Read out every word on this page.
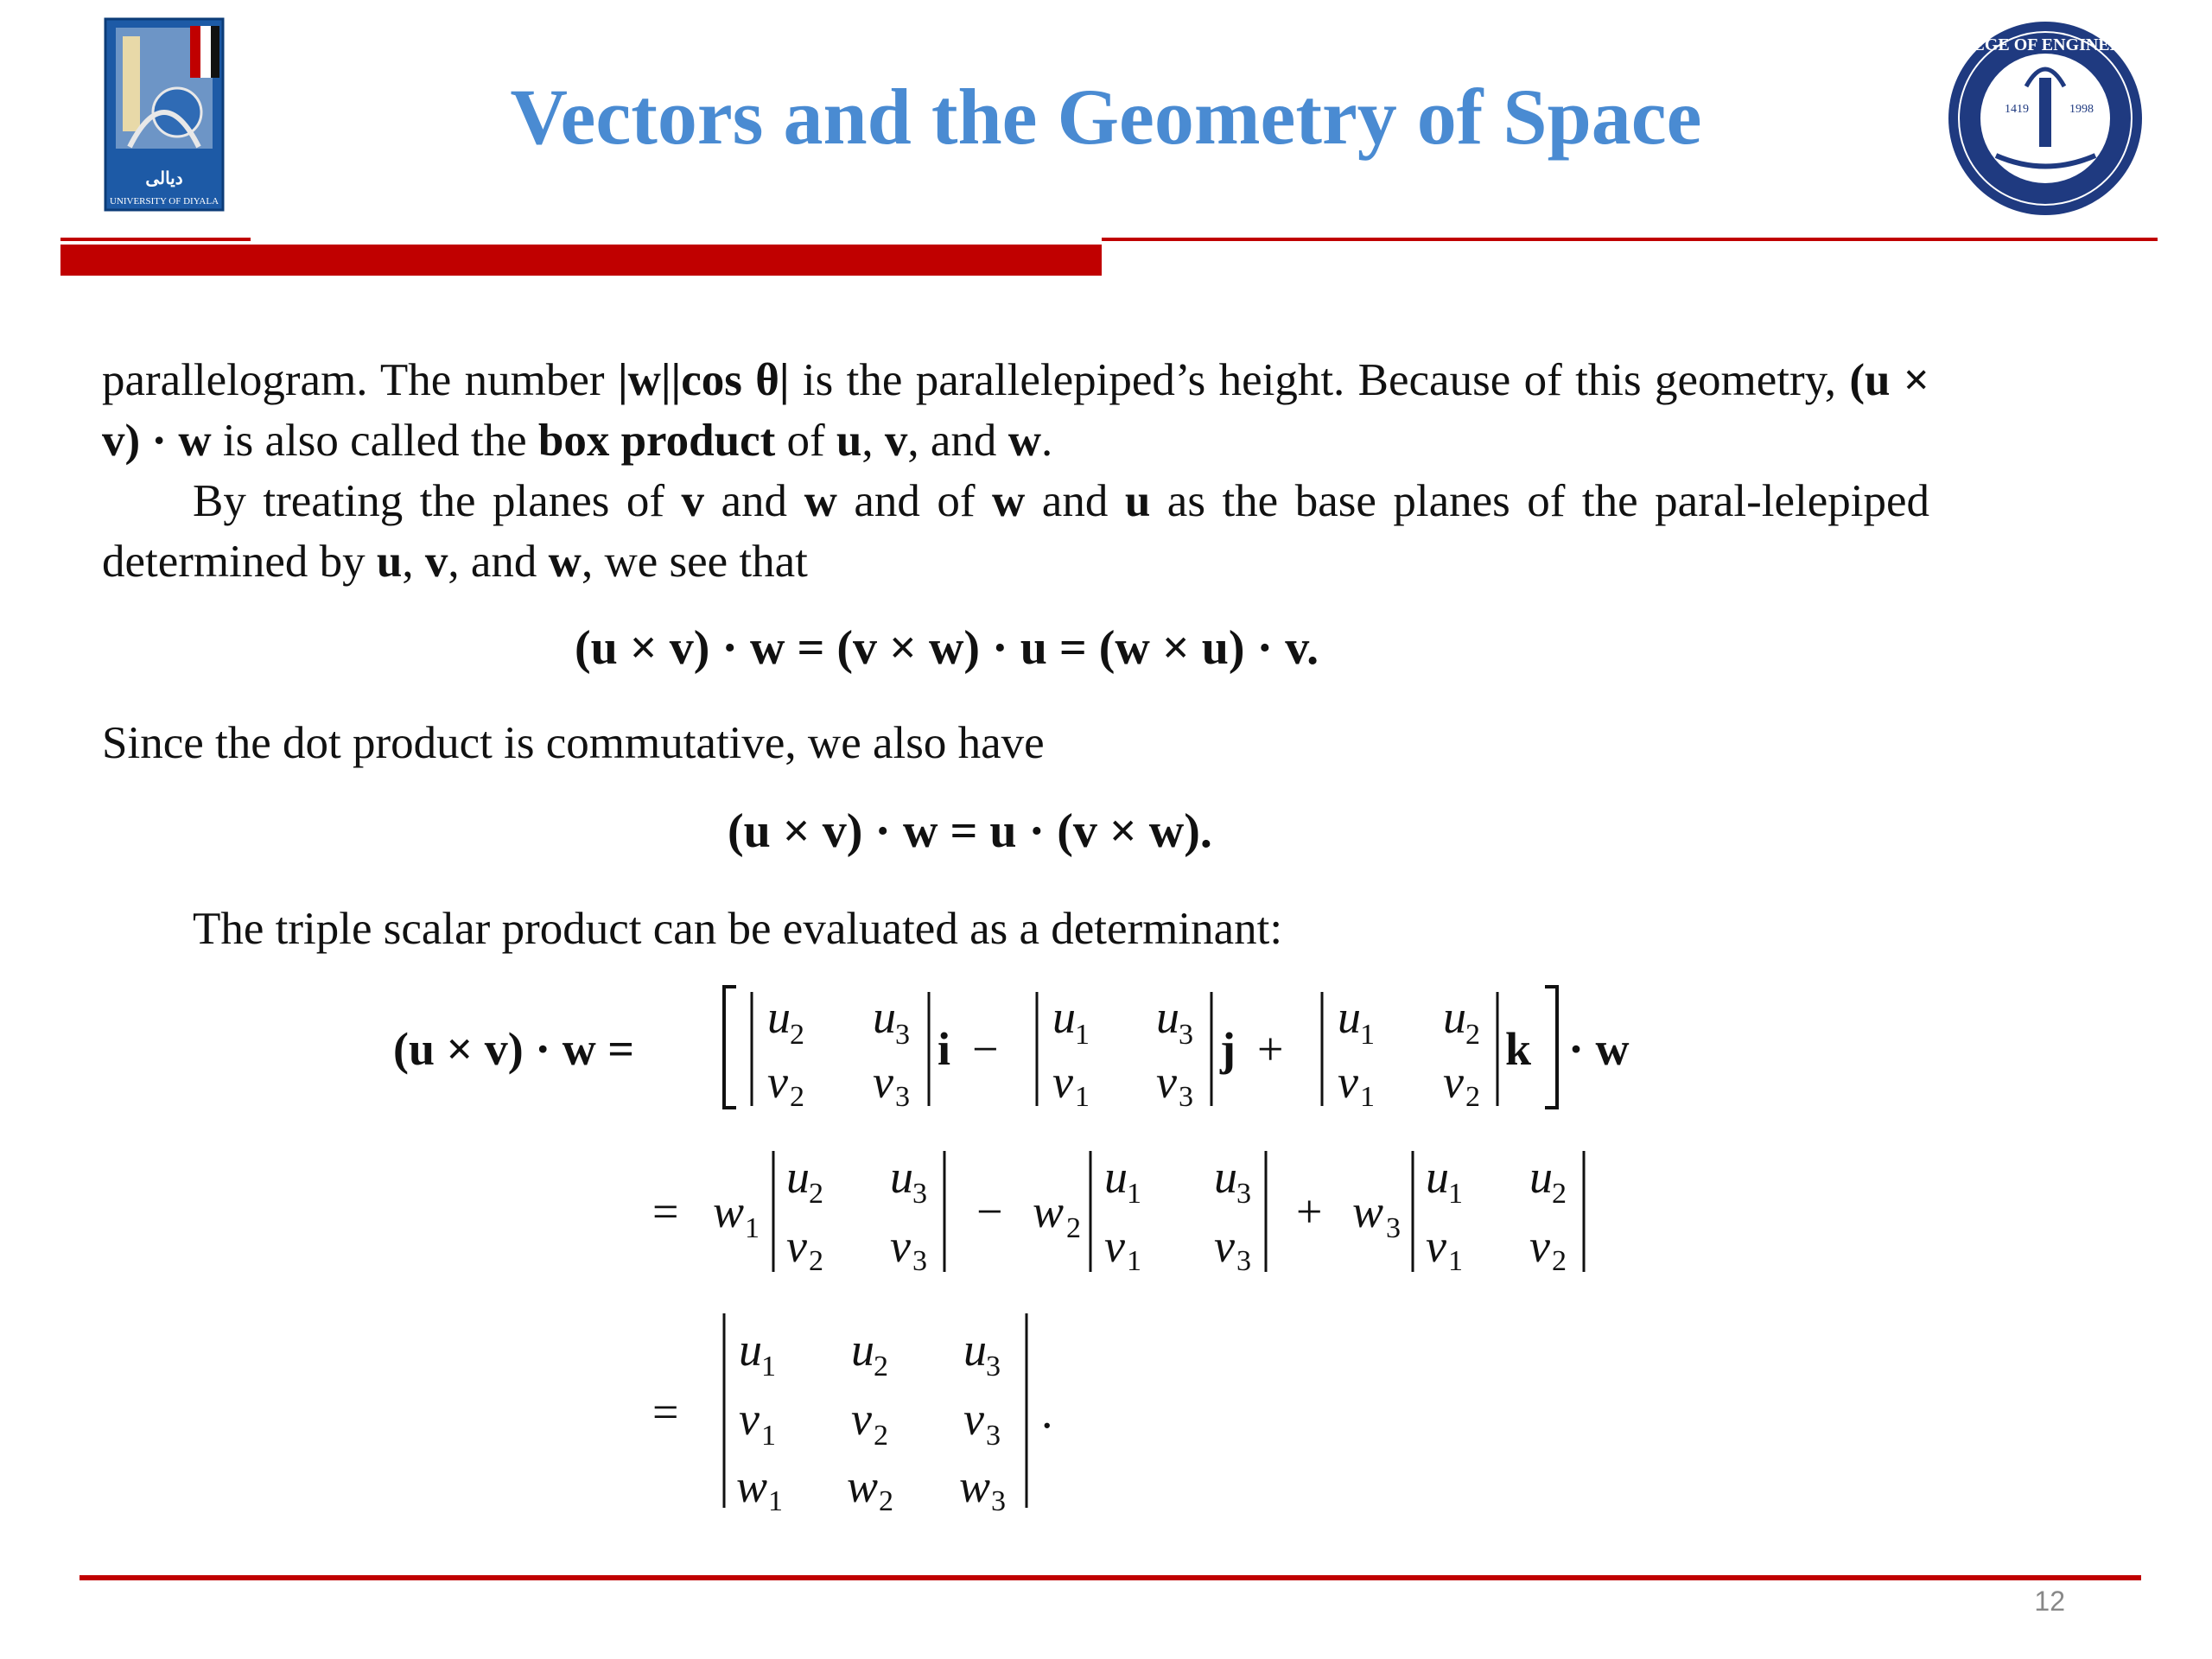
ديالى
UNIVERSITY OF DIYALA
Vectors and the Geometry of Space
COLLEGE OF ENGINEERING
1419	1998
parallelogram. The number |w||cos θ| is the parallelepiped’s height. Because of this geometry, (u × v) · w is also called the box product of u, v, and w.
By treating the planes of v and w and of w and u as the base planes of the paral-lelepiped determined by u, v, and w, we see that
(u × v) · w = (v × w) · u = (w × u) · v.
Since the dot product is commutative, we also have
(u × v) · w = u · (v × w).
The triple scalar product can be evaluated as a determinant:
(u × v) · w =
u 2 u 3
v 2 v 3
i −
u 1 u 3
v 1 v 3
j +
u 1 u 2
v 1 v 2
k · w
= w 1
u 2 u 3
v 2 v 3
− w 2
u 1 u 3
v 1 v 3
+ w 3
u 1 u 2
v 1 v 2
=
u 1 u 2 u 3
v 1 v 2 v 3
w 1 w 2 w 3
.
12
